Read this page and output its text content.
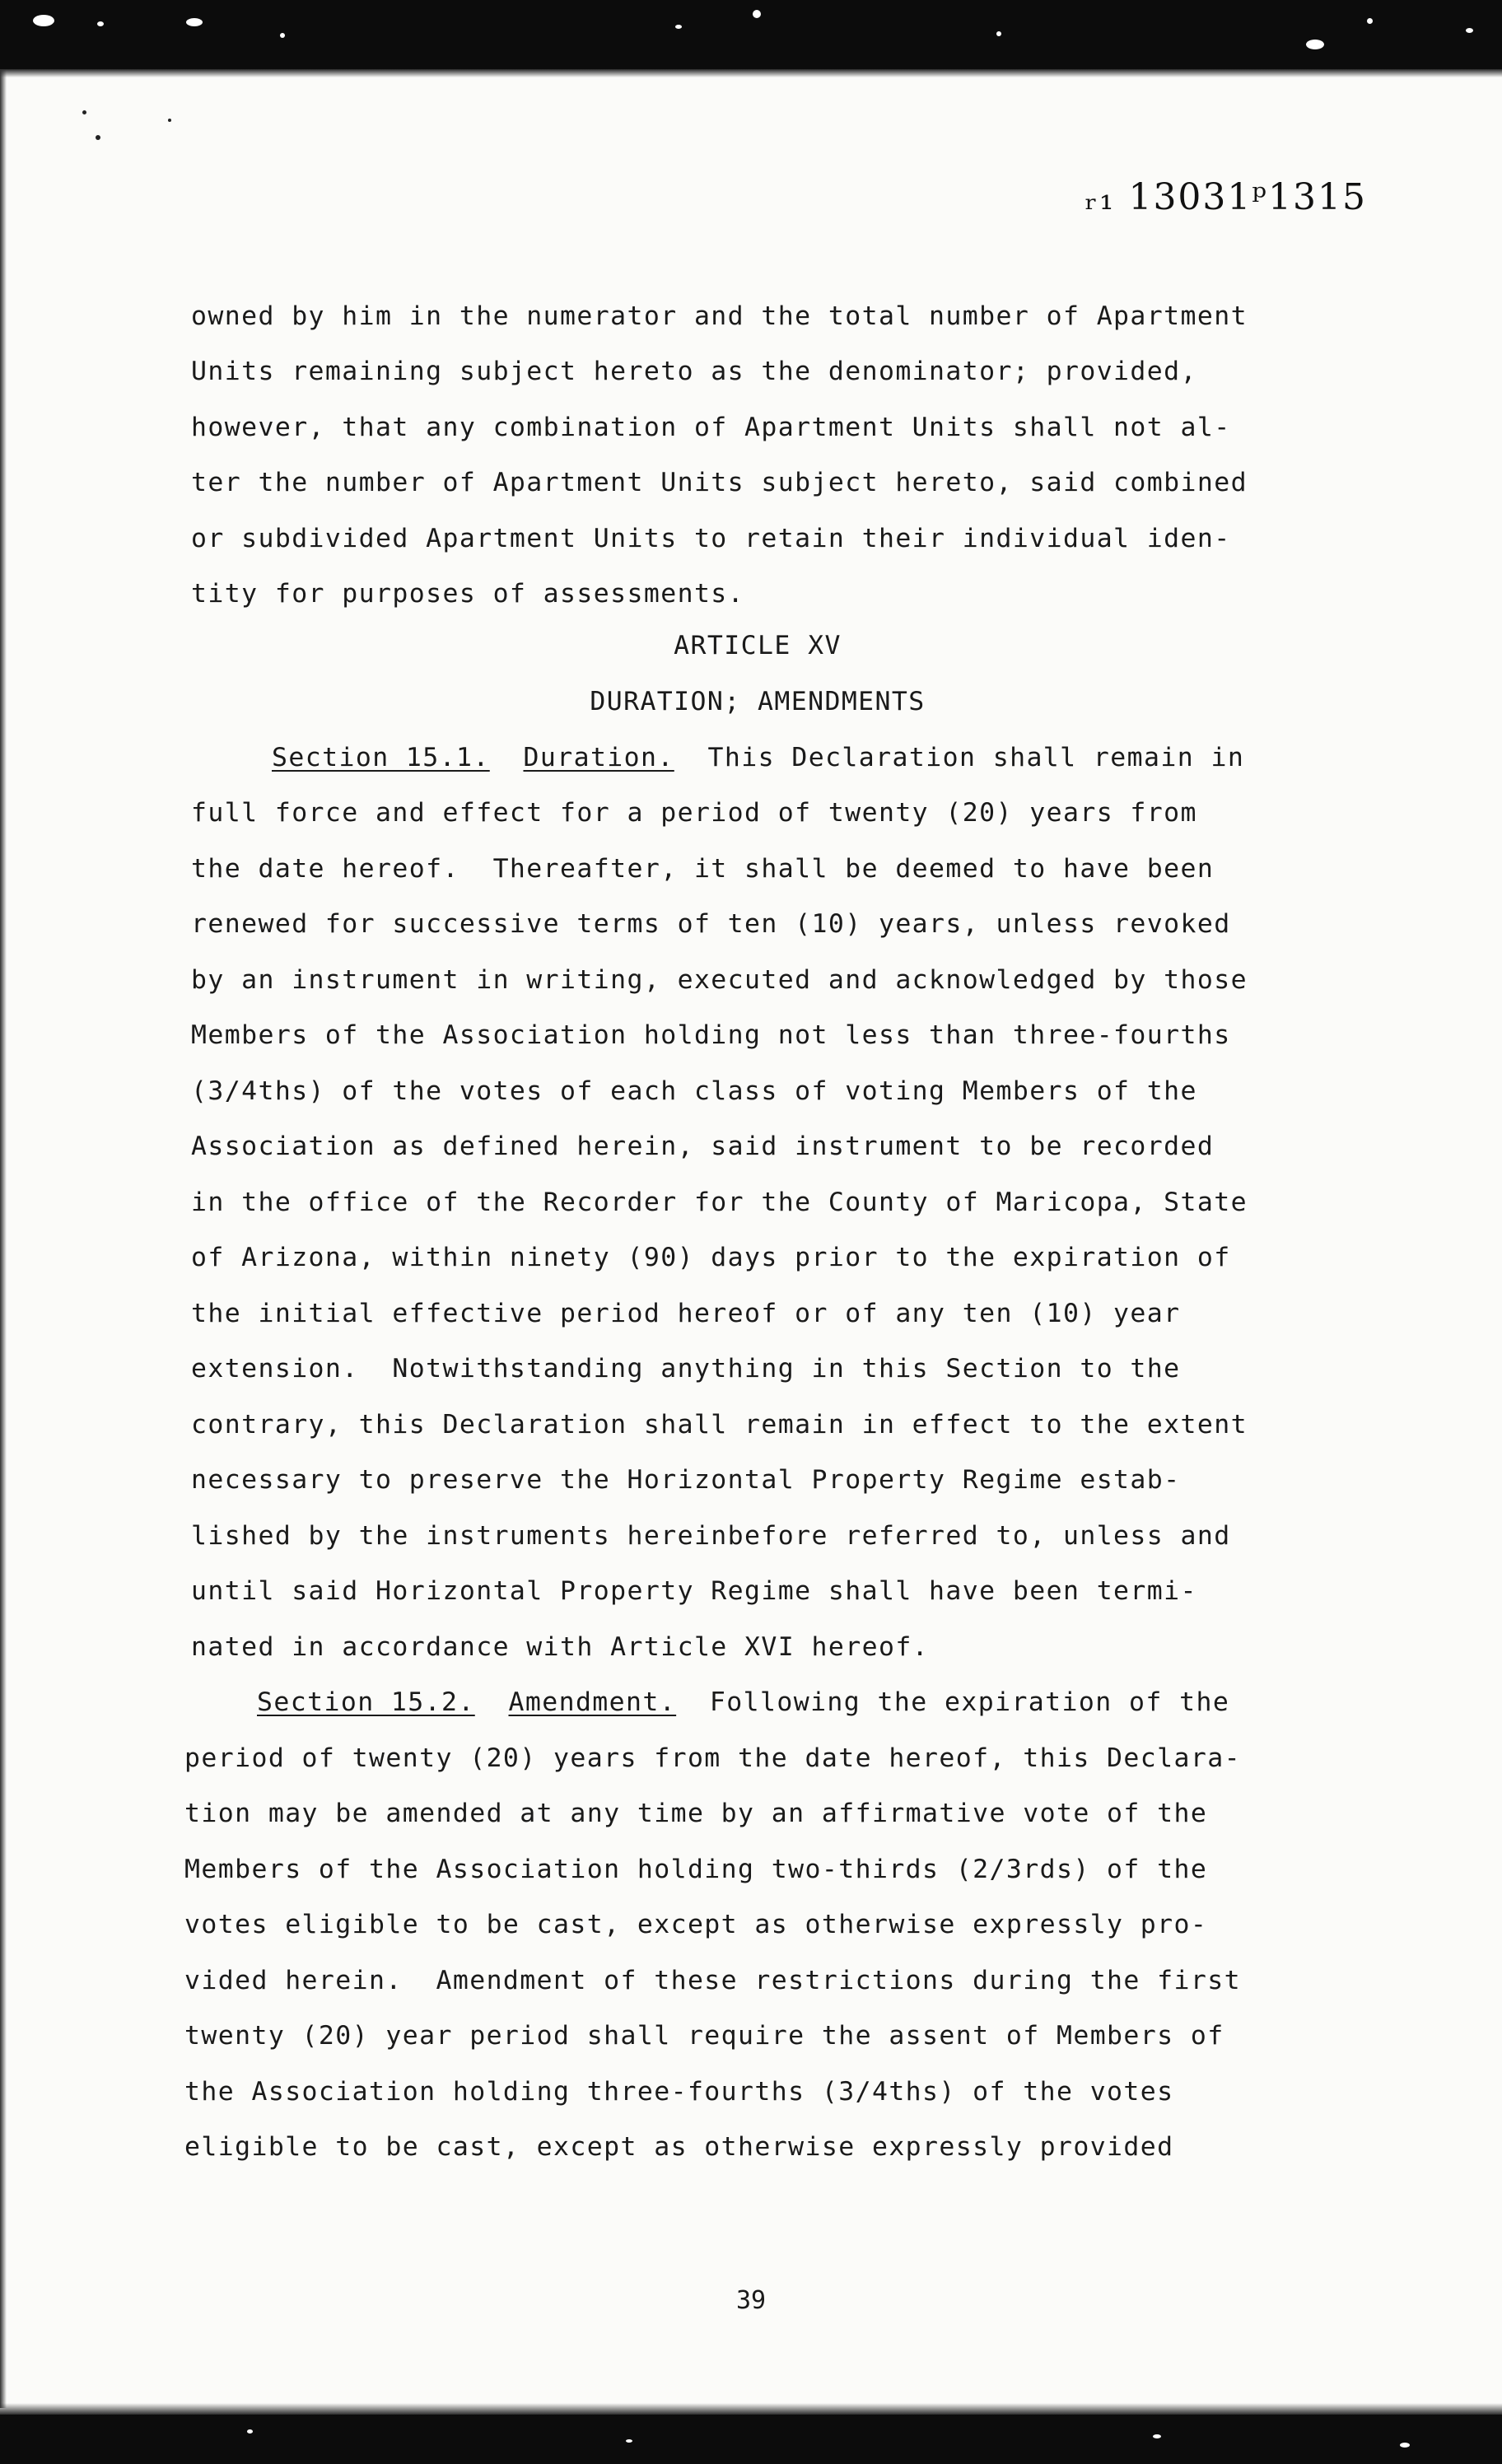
ᵣ₁ 13031ᵖ1315
owned by him in the numerator and the total number of Apartment
Units remaining subject hereto as the denominator; provided,
however, that any combination of Apartment Units shall not al-
ter the number of Apartment Units subject hereto, said combined
or subdivided Apartment Units to retain their individual iden-
tity for purposes of assessments.
ARTICLE XV
DURATION; AMENDMENTS
Section 15.1. Duration. This Declaration shall remain in
full force and effect for a period of twenty (20) years from
the date hereof.  Thereafter, it shall be deemed to have been
renewed for successive terms of ten (10) years, unless revoked
by an instrument in writing, executed and acknowledged by those
Members of the Association holding not less than three-fourths
(3/4ths) of the votes of each class of voting Members of the
Association as defined herein, said instrument to be recorded
in the office of the Recorder for the County of Maricopa, State
of Arizona, within ninety (90) days prior to the expiration of
the initial effective period hereof or of any ten (10) year
extension.  Notwithstanding anything in this Section to the
contrary, this Declaration shall remain in effect to the extent
necessary to preserve the Horizontal Property Regime estab-
lished by the instruments hereinbefore referred to, unless and
until said Horizontal Property Regime shall have been termi-
nated in accordance with Article XVI hereof.
Section 15.2. Amendment. Following the expiration of the
period of twenty (20) years from the date hereof, this Declara-
tion may be amended at any time by an affirmative vote of the
Members of the Association holding two-thirds (2/3rds) of the
votes eligible to be cast, except as otherwise expressly pro-
vided herein.  Amendment of these restrictions during the first
twenty (20) year period shall require the assent of Members of
the Association holding three-fourths (3/4ths) of the votes
eligible to be cast, except as otherwise expressly provided
39
